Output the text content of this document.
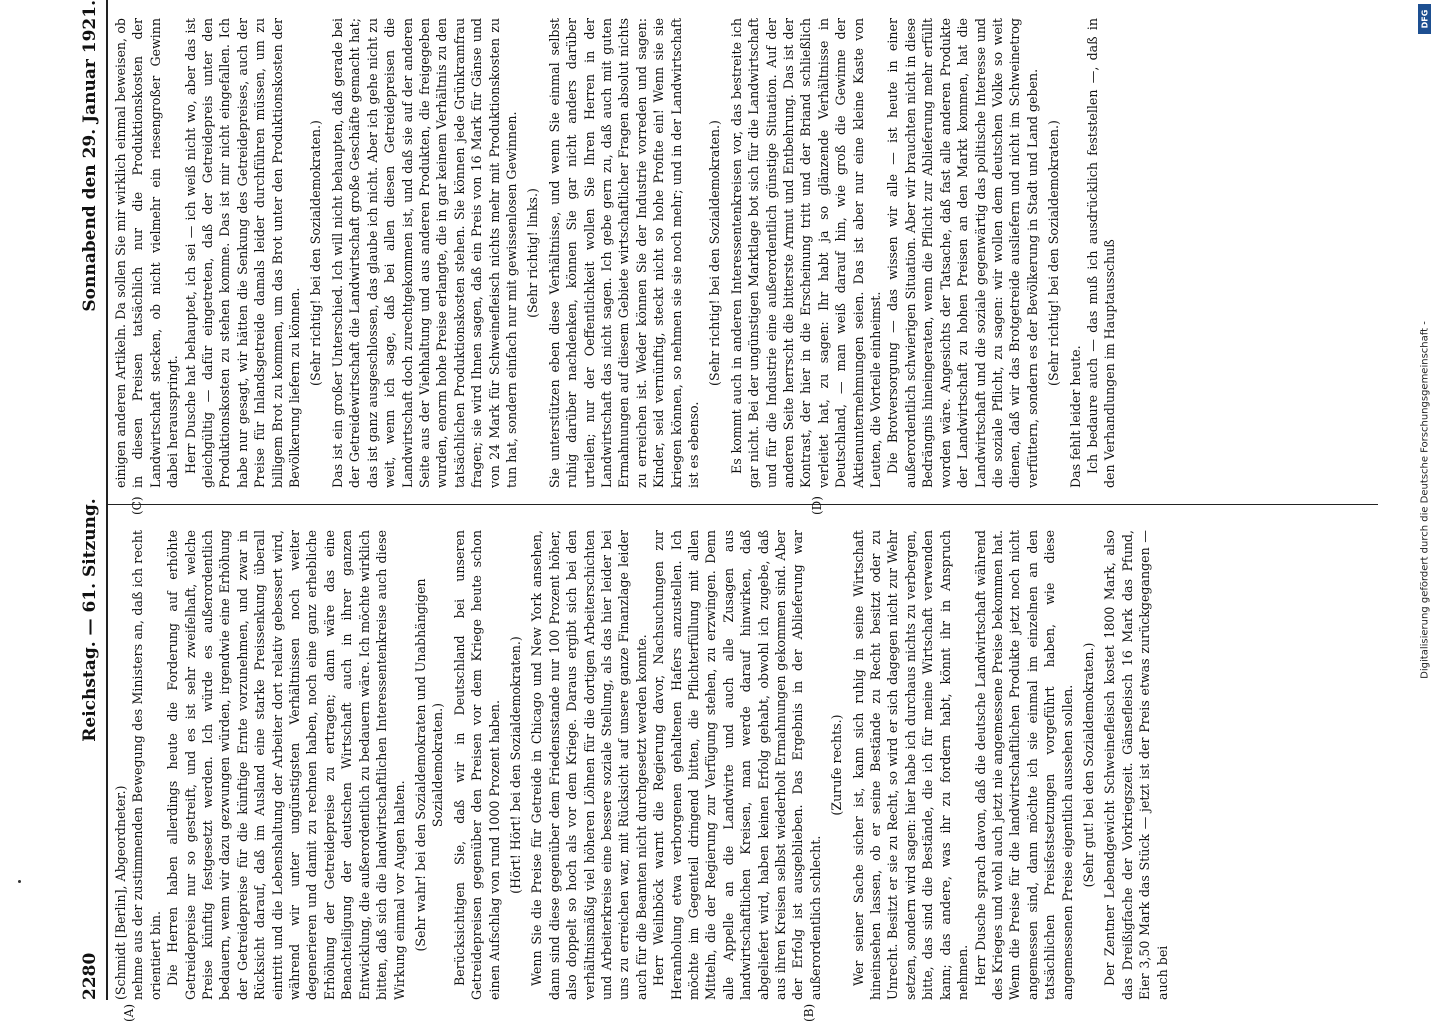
2280
Reichstag. — 61. Sitzung.
Sonnabend den 29. Januar 1921.
(A)	(B)
(C)	(D)

(Schmidt [Berlin], Abgeordneter.) nehme aus der zustimmenden Bewegung des Ministers an, daß ich recht orientiert bin. Die Herren haben allerdings heute die Forderung auf erhöhte Getreidepreise nur so gestreift, und es ist sehr zweifelhaft, welche Preise künftig festgesetzt werden. Ich würde es außerordentlich bedauern, wenn wir dazu gezwungen würden, irgendwie eine Erhöhung der Getreidepreise für die künftige Ernte vorzunehmen, und zwar in Rücksicht darauf, daß im Ausland eine starke Preissenkung überall eintritt und die Lebenshaltung der Arbeiter dort relativ gebessert wird, während wir unter ungünstigsten Verhältnissen noch weiter degenerieren und damit zu rechnen haben, noch eine ganz erhebliche Erhöhung der Getreidepreise zu ertragen; dann wäre das eine Benachteiligung der deutschen Wirtschaft auch in ihrer ganzen Entwicklung, die außerordentlich zu bedauern wäre. Ich möchte wirklich bitten, daß sich die landwirtschaftlichen Interessentenkreise auch diese Wirkung einmal vor Augen halten. (Sehr wahr! bei den Sozialdemokraten und Unabhängigen Sozialdemokraten.) Berücksichtigen Sie, daß wir in Deutschland bei unseren Getreidepreisen gegenüber den Preisen vor dem Kriege heute schon einen Aufschlag von rund 1000 Prozent haben. (Hört! Hört! bei den Sozialdemokraten.) Wenn Sie die Preise für Getreide in Chicago und New York ansehen, dann sind diese gegenüber dem Friedensstande nur 100 Prozent höher, also doppelt so hoch als vor dem Kriege. Daraus ergibt sich bei den verhältnismäßig viel höheren Löhnen für die dortigen Arbeiterschichten und Arbeiterkreise eine bessere soziale Stellung, als das hier leider bei uns zu erreichen war, mit Rücksicht auf unsere ganze Finanzlage leider auch für die Beamten nicht durchgesetzt werden konnte. Herr Weilnböck warnt die Regierung davor, Nachsuchungen zur Heranholung etwa verborgenen gehaltenen Hafers anzustellen. Ich möchte im Gegenteil dringend bitten, die Pflichterfüllung mit allen Mitteln, die der Regierung zur Verfügung stehen, zu erzwingen. Denn alle Appelle an die Landwirte und auch alle Zusagen aus landwirtschaftlichen Kreisen, man werde darauf hinwirken, daß abgeliefert wird, haben keinen Erfolg gehabt, obwohl ich zugebe, daß aus ihren Kreisen selbst wiederholt Ermahnungen gekommen sind. Aber der Erfolg ist ausgeblieben. Das Ergebnis in der Ablieferung war außerordentlich schlecht.

(Zurufe rechts.) Wer seiner Sache sicher ist, kann sich ruhig in seine Wirtschaft hineinsehen lassen, ob er seine Bestände zu Recht besitzt oder zu Unrecht. Besitzt er sie zu Recht, so wird er sich dagegen nicht zur Wehr setzen, sondern wird sagen: hier habe ich durchaus nichts zu verbergen, bitte, das sind die Bestände, die ich für meine Wirtschaft verwenden kann; das andere, was ihr zu fordern habt, könnt ihr in Anspruch nehmen. Herr Dusche sprach davon, daß die deutsche Landwirtschaft während des Krieges und wohl auch jetzt nie angemessene Preise bekommen hat. Wenn die Preise für die landwirtschaftlichen Produkte jetzt noch nicht angemessen sind, dann möchte ich sie einmal im einzelnen an den tatsächlichen Preisfestsetzungen vorgeführt haben, wie diese angemessenen Preise eigentlich aussehen sollen. (Sehr gut! bei den Sozialdemokraten.) Der Zentner Lebendgewicht Schweinefleisch kostet 1800 Mark, also das Dreißigfache der Vorkriegszeit. Gänsefleisch 16 Mark das Pfund, Eier 3,50 Mark das Stück — jetzt ist der Preis etwas zurückgegangen — auch bei

einigen anderen Artikeln. Da sollen Sie mir wirklich einmal beweisen, ob in diesen Preisen tatsächlich nur die Produktionskosten der Landwirtschaft stecken, ob nicht vielmehr ein riesengroßer Gewinn dabei herausspringt. Herr Dusche hat behauptet, ich sei — ich weiß nicht wo, aber das ist gleichgültig — dafür eingetreten, daß der Getreidepreis unter den Produktionskosten zu stehen komme. Das ist mir nicht eingefallen. Ich habe nur gesagt, wir hätten die Senkung des Getreidepreises, auch der Preise für Inlandsgetreide damals leider durchführen müssen, um zu billigem Brot zu kommen, um das Brot unter den Produktionskosten der Bevölkerung liefern zu können.

(Sehr richtig! bei den Sozialdemokraten.) Das ist ein großer Unterschied. Ich will nicht behaupten, daß gerade bei der Getreidewirtschaft die Landwirtschaft große Geschäfte gemacht hat; das ist ganz ausgeschlossen, das glaube ich nicht. Aber ich gehe nicht zu weit, wenn ich sage, daß bei allen diesen Getreidepreisen die Landwirtschaft doch zurechtgekommen ist, und daß sie auf der anderen Seite aus der Viehhaltung und aus anderen Produkten, die freigegeben wurden, enorm hohe Preise erlangte, die in gar keinem Verhältnis zu den tatsächlichen Produktionskosten stehen. Sie können jede Grünkramfrau fragen; sie wird Ihnen sagen, daß ein Preis von 16 Mark für Gänse und von 24 Mark für Schweinefleisch nichts mehr mit Produktionskosten zu tun hat, sondern einfach nur mit gewissenlosen Gewinnen. (Sehr richtig! links.) Sie unterstützen eben diese Verhältnisse, und wenn Sie einmal selbst ruhig darüber nachdenken, können Sie gar nicht anders darüber urteilen; nur der Oeffentlichkeit wollen Sie Ihren Herren in der Landwirtschaft das nicht sagen. Ich gebe gern zu, daß auch mit guten Ermahnungen auf diesem Gebiete wirtschaftlicher Fragen absolut nichts zu erreichen ist. Weder können Sie der Industrie vorreden und sagen: Kinder, seid vernünftig, steckt nicht so hohe Profite ein! Wenn sie sie kriegen können, so nehmen sie sie noch mehr; und in der Landwirtschaft ist es ebenso.

(Sehr richtig! bei den Sozialdemokraten.) Es kommt auch in anderen Interessentenkreisen vor, das bestreite ich gar nicht. Bei der ungünstigen Marktlage bot sich für die Landwirtschaft und für die Industrie eine außerordentlich günstige Situation. Auf der anderen Seite herrscht die bitterste Armut und Entbehrung. Das ist der Kontrast, der hier in die Erscheinung tritt und der Briand schließlich verleitet hat, zu sagen: Ihr habt ja so glänzende Verhältnisse in Deutschland, — man weiß darauf hin, wie groß die Gewinne der Aktienunternehmungen seien. Das ist aber nur eine kleine Kaste von Leuten, die Vorteile einheimst. Die Brotversorgung — das wissen wir alle — ist heute in einer außerordentlich schwierigen Situation. Aber wir brauchten nicht in diese Bedrängnis hineingeraten, wenn die Pflicht zur Ablieferung mehr erfüllt worden wäre. Angesichts der Tatsache, daß fast alle anderen Produkte der Landwirtschaft zu hohen Preisen an den Markt kommen, hat die Landwirtschaft und die soziale gegenwärtig das politische Interesse und die soziale Pflicht, zu sagen: wir wollen dem deutschen Volke so weit dienen, daß wir das Brotgetreide ausliefern und nicht im Schweinetrog verfüttern, sondern es der Bevölkerung in Stadt und Land geben. (Sehr richtig! bei den Sozialdemokraten.)

Das fehlt leider heute. Ich bedaure auch — das muß ich ausdrücklich feststellen —, daß in den Verhandlungen im Hauptausschuß	Digitalisierung gefördert durch die Deutsche Forschungsgemeinschaft -
DFG
